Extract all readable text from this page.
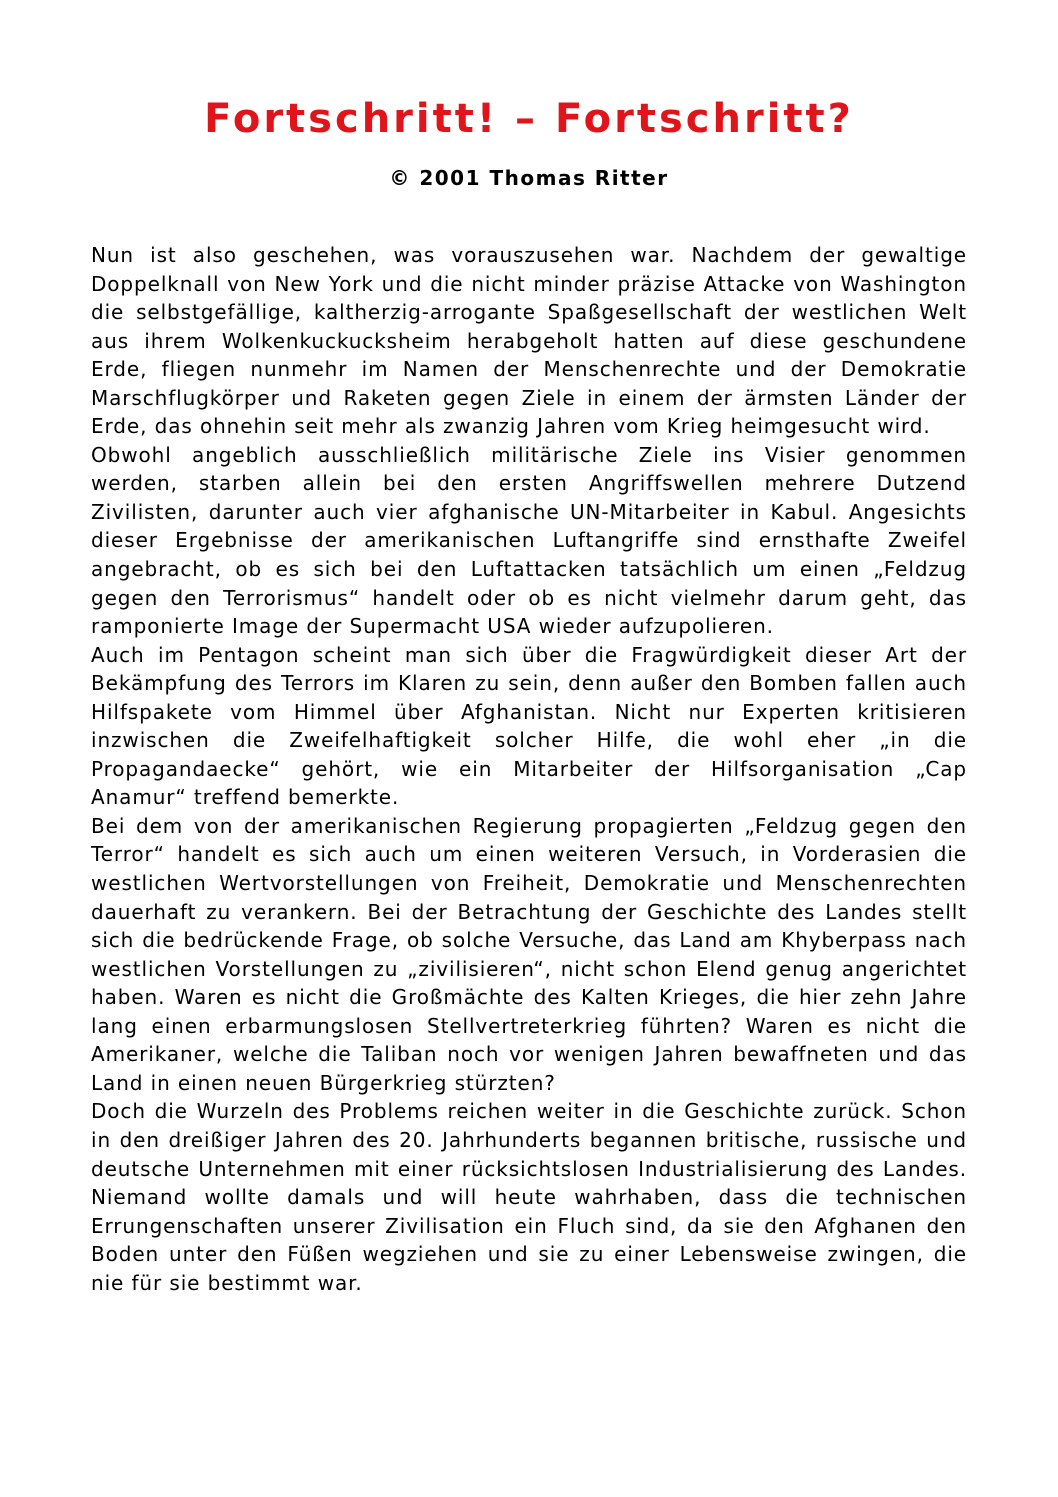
Fortschritt! – Fortschritt?
© 2001 Thomas Ritter

Nun ist also geschehen, was vorauszusehen war. Nachdem der gewaltige Doppelknall von New York und die nicht minder präzise Attacke von Washington die selbstgefällige, kaltherzig-arrogante Spaßgesellschaft der westlichen Welt aus ihrem Wolkenkuckucksheim herabgeholt hatten auf diese geschundene Erde, fliegen nunmehr im Namen der Menschenrechte und der Demokratie Marschflugkörper und Raketen gegen Ziele in einem der ärmsten Länder der Erde, das ohnehin seit mehr als zwanzig Jahren vom Krieg heimgesucht wird.

Obwohl angeblich ausschließlich militärische Ziele ins Visier genommen werden, starben allein bei den ersten Angriffswellen mehrere Dutzend Zivilisten, darunter auch vier afghanische UN-Mitarbeiter in Kabul. Angesichts dieser Ergebnisse der amerikanischen Luftangriffe sind ernsthafte Zweifel angebracht, ob es sich bei den Luftattacken tatsächlich um einen „Feldzug gegen den Terrorismus“ handelt oder ob es nicht vielmehr darum geht, das ramponierte Image der Supermacht USA wieder aufzupolieren.

Auch im Pentagon scheint man sich über die Fragwürdigkeit dieser Art der Bekämpfung des Terrors im Klaren zu sein, denn außer den Bomben fallen auch Hilfspakete vom Himmel über Afghanistan. Nicht nur Experten kritisieren inzwischen die Zweifelhaftigkeit solcher Hilfe, die wohl eher „in die Propagandaecke“ gehört, wie ein Mitarbeiter der Hilfsorganisation „Cap Anamur“ treffend bemerkte.

Bei dem von der amerikanischen Regierung propagierten „Feldzug gegen den Terror“ handelt es sich auch um einen weiteren Versuch, in Vorderasien die westlichen Wertvorstellungen von Freiheit, Demokratie und Menschenrechten dauerhaft zu verankern. Bei der Betrachtung der Geschichte des Landes stellt sich die bedrückende Frage, ob solche Versuche, das Land am Khyberpass nach westlichen Vorstellungen zu „zivilisieren“, nicht schon Elend genug angerichtet haben. Waren es nicht die Großmächte des Kalten Krieges, die hier zehn Jahre lang einen erbarmungslosen Stellvertreterkrieg führten? Waren es nicht die Amerikaner, welche die Taliban noch vor wenigen Jahren bewaffneten und das Land in einen neuen Bürgerkrieg stürzten?

Doch die Wurzeln des Problems reichen weiter in die Geschichte zurück. Schon in den dreißiger Jahren des 20. Jahrhunderts begannen britische, russische und deutsche Unternehmen mit einer rücksichtslosen Industrialisierung des Landes. Niemand wollte damals und will heute wahrhaben, dass die technischen Errungenschaften unserer Zivilisation ein Fluch sind, da sie den Afghanen den Boden unter den Füßen wegziehen und sie zu einer Lebensweise zwingen, die nie für sie bestimmt war.
